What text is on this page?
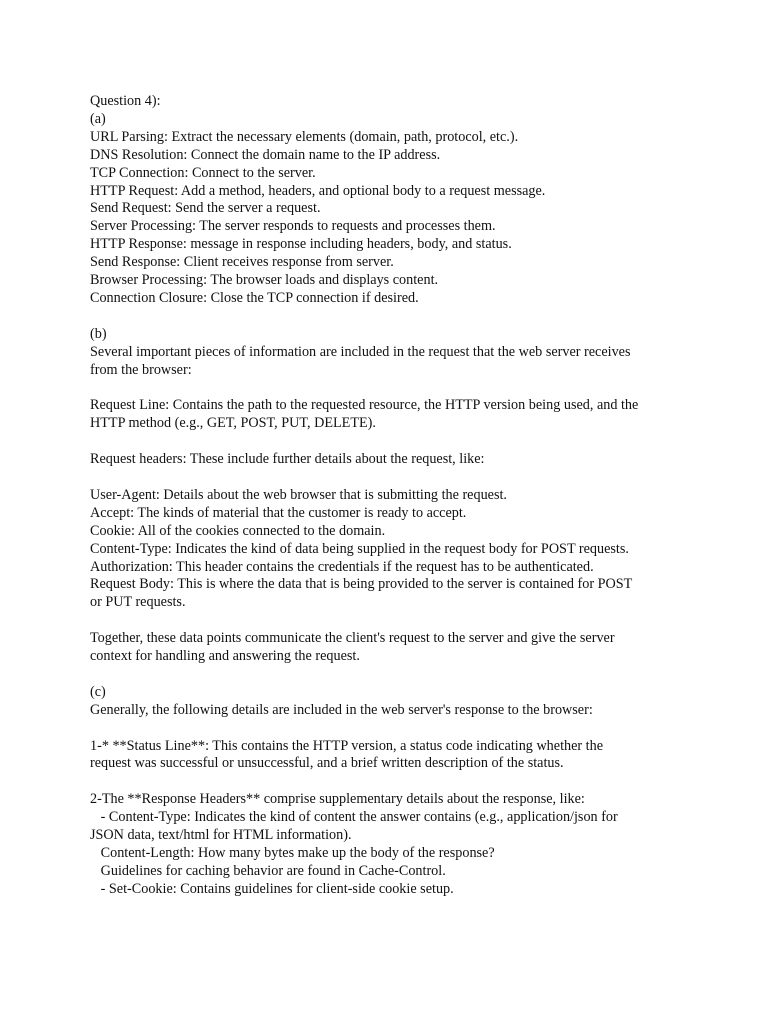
Question 4):
(a)
URL Parsing: Extract the necessary elements (domain, path, protocol, etc.).
DNS Resolution: Connect the domain name to the IP address.
TCP Connection: Connect to the server.
HTTP Request: Add a method, headers, and optional body to a request message.
Send Request: Send the server a request.
Server Processing: The server responds to requests and processes them.
HTTP Response: message in response including headers, body, and status.
Send Response: Client receives response from server.
Browser Processing: The browser loads and displays content.
Connection Closure: Close the TCP connection if desired.
(b)
Several important pieces of information are included in the request that the web server receives
from the browser:
Request Line: Contains the path to the requested resource, the HTTP version being used, and the
HTTP method (e.g., GET, POST, PUT, DELETE).
Request headers: These include further details about the request, like:
User-Agent: Details about the web browser that is submitting the request.
Accept: The kinds of material that the customer is ready to accept.
Cookie: All of the cookies connected to the domain.
Content-Type: Indicates the kind of data being supplied in the request body for POST requests.
Authorization: This header contains the credentials if the request has to be authenticated.
Request Body: This is where the data that is being provided to the server is contained for POST
or PUT requests.
Together, these data points communicate the client's request to the server and give the server
context for handling and answering the request.
(c)
Generally, the following details are included in the web server's response to the browser:
1-* **Status Line**: This contains the HTTP version, a status code indicating whether the
request was successful or unsuccessful, and a brief written description of the status.
2-The **Response Headers** comprise supplementary details about the response, like:
- Content-Type: Indicates the kind of content the answer contains (e.g., application/json for
JSON data, text/html for HTML information).
Content-Length: How many bytes make up the body of the response?
Guidelines for caching behavior are found in Cache-Control.
- Set-Cookie: Contains guidelines for client-side cookie setup.
